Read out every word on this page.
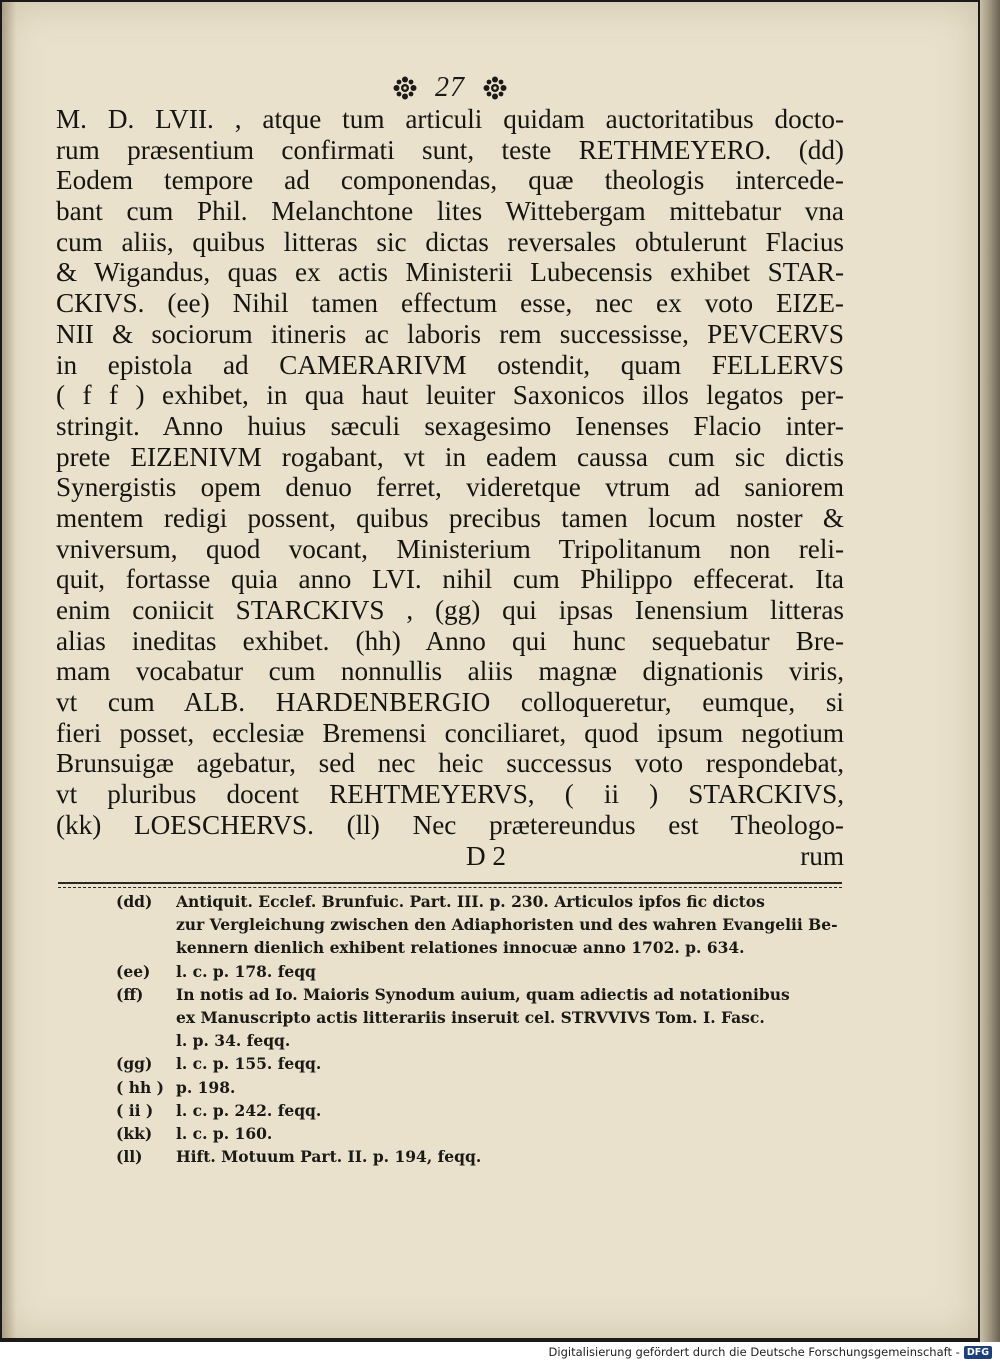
27
M. D. LVII. , atque tum articuli quidam auctoritatibus docto-
rum præsentium confirmati sunt, teste RETHMEYERO. (dd)
Eodem tempore ad componendas, quæ theologis intercede-
bant cum Phil. Melanchtone lites Wittebergam mittebatur vna
cum aliis, quibus litteras sic dictas reversales obtulerunt Flacius
& Wigandus, quas ex actis Ministerii Lubecensis exhibet STAR-
CKIVS. (ee) Nihil tamen effectum esse, nec ex voto EIZE-
NII & sociorum itineris ac laboris rem successisse, PEVCERVS
in epistola ad CAMERARIVM ostendit, quam FELLERVS
( f f ) exhibet, in qua haut leuiter Saxonicos illos legatos per-
stringit. Anno huius sæculi sexagesimo Ienenses Flacio inter-
prete EIZENIVM rogabant, vt in eadem caussa cum sic dictis
Synergistis opem denuo ferret, videretque vtrum ad saniorem
mentem redigi possent, quibus precibus tamen locum noster &
vniversum, quod vocant, Ministerium Tripolitanum non reli-
quit, fortasse quia anno LVI. nihil cum Philippo effecerat. Ita
enim coniicit STARCKIVS , (gg) qui ipsas Ienensium litteras
alias ineditas exhibet. (hh) Anno qui hunc sequebatur Bre-
mam vocabatur cum nonnullis aliis magnæ dignationis viris,
vt cum ALB. HARDENBERGIO colloqueretur, eumque, si
fieri posset, ecclesiæ Bremensi conciliaret, quod ipsum negotium
Brunsuigæ agebatur, sed nec heic successus voto respondebat,
vt pluribus docent REHTMEYERVS, ( ii ) STARCKIVS,
(kk) LOESCHERVS. (ll) Nec prætereundus est Theologo-
D 2	rum
(dd)	Antiquit. Ecclef. Brunfuic. Part. III. p. 230. Articulos ipfos fic dictos
zur Vergleichung zwischen den Adiaphoristen und des wahren Evangelii Be-
kennern dienlich exhibent relationes innocuæ anno 1702. p. 634.
(ee)	l. c. p. 178. feqq
(ff)	In notis ad Io. Maioris Synodum auium, quam adiectis ad notationibus
ex Manuscripto actis litterariis inseruit cel. STRVVIVS Tom. I. Fasc.
l. p. 34. feqq.
(gg)	l. c. p. 155. feqq.
( hh ) p. 198.
( ii )	l. c. p. 242. feqq.
(kk)	l. c. p. 160.
(ll)	Hift. Motuum Part. II. p. 194, feqq.
Digitalisierung gefördert durch die Deutsche Forschungsgemeinschaft - DFG
